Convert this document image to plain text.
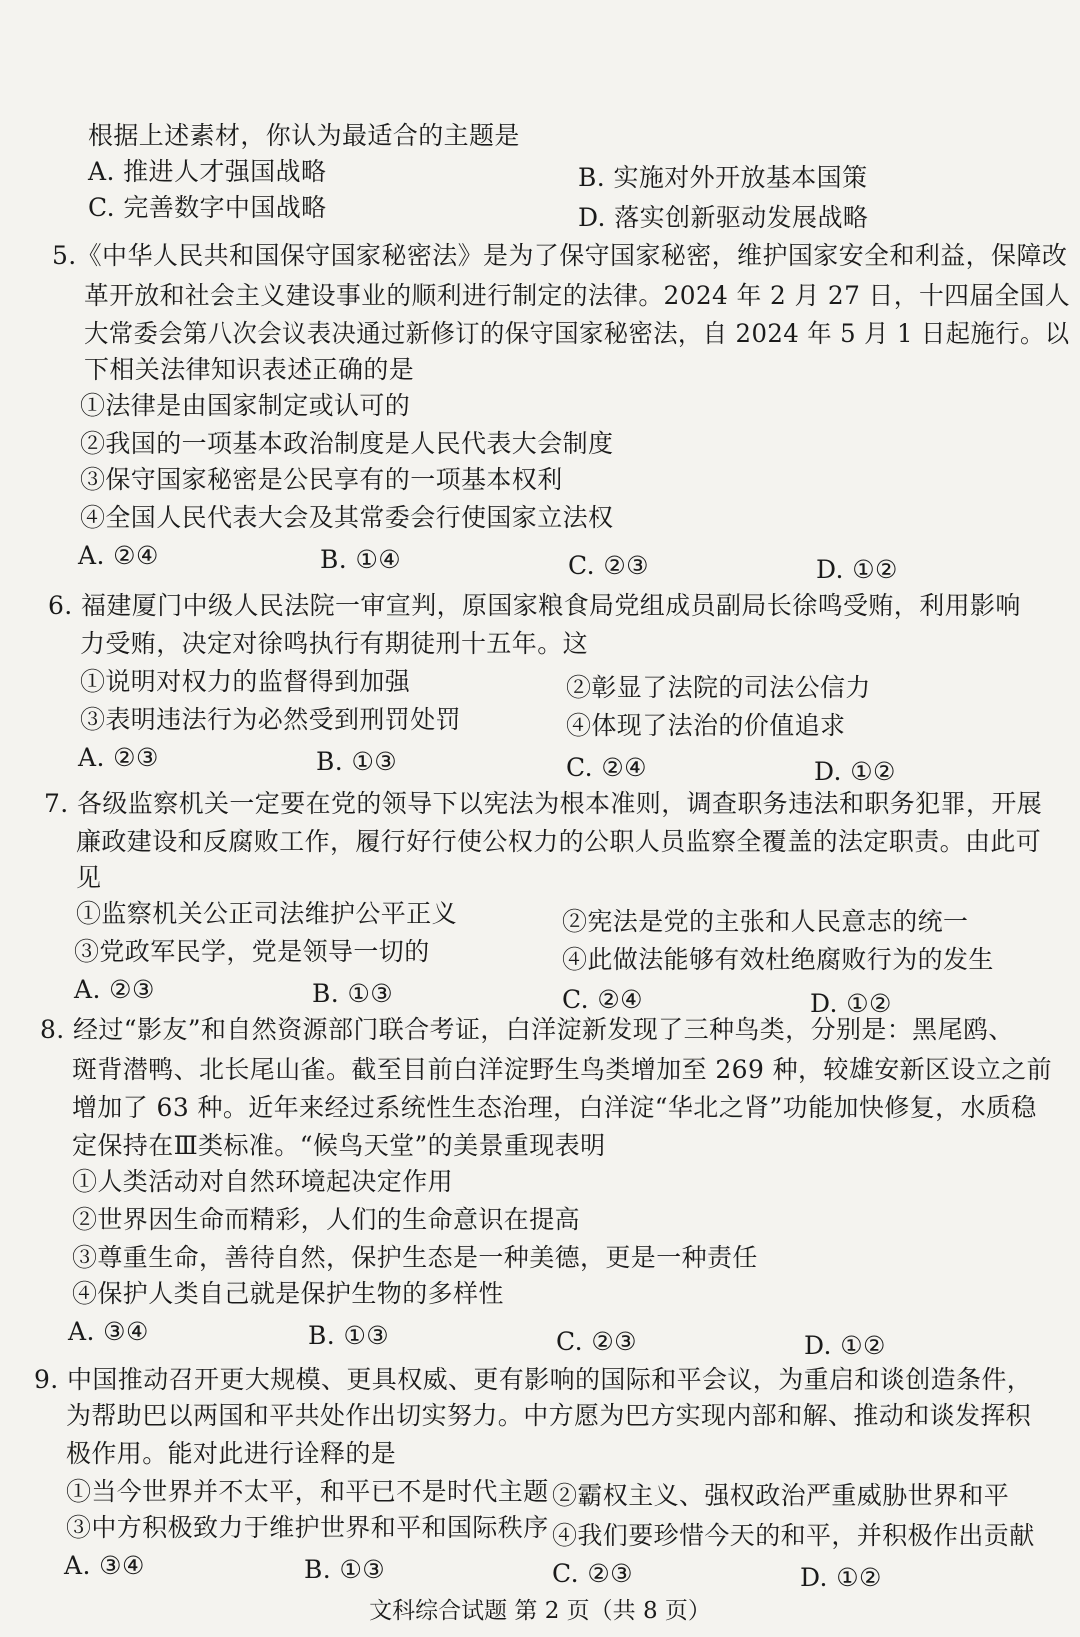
根据上述素材，你认为最适合的主题是
A. 推进人才强国战略	B. 实施对外开放基本国策
C. 完善数字中国战略	D. 落实创新驱动发展战略
5.《中华人民共和国保守国家秘密法》是为了保守国家秘密，维护国家安全和利益，保障改
革开放和社会主义建设事业的顺利进行制定的法律。2024 年 2 月 27 日，十四届全国人
大常委会第八次会议表决通过新修订的保守国家秘密法，自 2024 年 5 月 1 日起施行。以
下相关法律知识表述正确的是
①法律是由国家制定或认可的
②我国的一项基本政治制度是人民代表大会制度
③保守国家秘密是公民享有的一项基本权利
④全国人民代表大会及其常委会行使国家立法权
A. ②④	B. ①④	C. ②③	D. ①②
6. 福建厦门中级人民法院一审宣判，原国家粮食局党组成员副局长徐鸣受贿，利用影响
力受贿，决定对徐鸣执行有期徒刑十五年。这
①说明对权力的监督得到加强	②彰显了法院的司法公信力
③表明违法行为必然受到刑罚处罚	④体现了法治的价值追求
A. ②③	B. ①③	C. ②④	D. ①②
7. 各级监察机关一定要在党的领导下以宪法为根本准则，调查职务违法和职务犯罪，开展
廉政建设和反腐败工作，履行好行使公权力的公职人员监察全覆盖的法定职责。由此可
见
①监察机关公正司法维护公平正义	②宪法是党的主张和人民意志的统一
③党政军民学，党是领导一切的	④此做法能够有效杜绝腐败行为的发生
A. ②③	B. ①③	C. ②④	D. ①②
8. 经过“影友”和自然资源部门联合考证，白洋淀新发现了三种鸟类，分别是：黑尾鸥、
斑背潜鸭、北长尾山雀。截至目前白洋淀野生鸟类增加至 269 种，较雄安新区设立之前
增加了 63 种。近年来经过系统性生态治理，白洋淀“华北之肾”功能加快修复，水质稳
定保持在Ⅲ类标准。“候鸟天堂”的美景重现表明
①人类活动对自然环境起决定作用
②世界因生命而精彩，人们的生命意识在提高
③尊重生命，善待自然，保护生态是一种美德，更是一种责任
④保护人类自己就是保护生物的多样性
A. ③④	B. ①③	C. ②③	D. ①②
9. 中国推动召开更大规模、更具权威、更有影响的国际和平会议，为重启和谈创造条件，
为帮助巴以两国和平共处作出切实努力。中方愿为巴方实现内部和解、推动和谈发挥积
极作用。能对此进行诠释的是
①当今世界并不太平，和平已不是时代主题 ②霸权主义、强权政治严重威胁世界和平
③中方积极致力于维护世界和平和国际秩序 ④我们要珍惜今天的和平，并积极作出贡献
A. ③④	B. ①③	C. ②③	D. ①②
文科综合试题 第 2 页（共 8 页）
